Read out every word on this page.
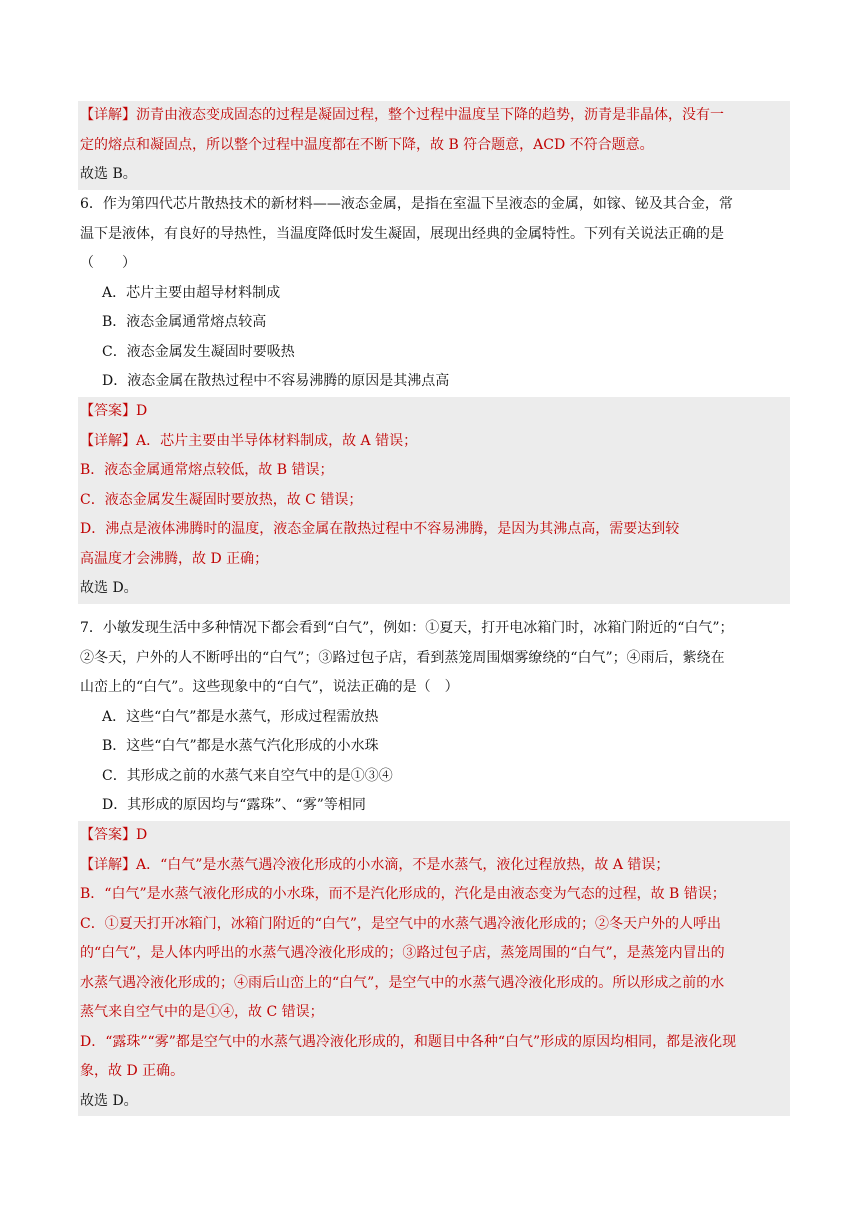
【详解】沥青由液态变成固态的过程是凝固过程，整个过程中温度呈下降的趋势，沥青是非晶体，没有一
定的熔点和凝固点，所以整个过程中温度都在不断下降，故 B 符合题意，ACD 不符合题意。
故选 B。
6．作为第四代芯片散热技术的新材料——液态金属，是指在室温下呈液态的金属，如镓、铋及其合金，常
温下是液体，有良好的导热性，当温度降低时发生凝固，展现出经典的金属特性。下列有关说法正确的是
（　　）
A．芯片主要由超导材料制成
B．液态金属通常熔点较高
C．液态金属发生凝固时要吸热
D．液态金属在散热过程中不容易沸腾的原因是其沸点高
【答案】D
【详解】A．芯片主要由半导体材料制成，故 A 错误；
B．液态金属通常熔点较低，故 B 错误；
C．液态金属发生凝固时要放热，故 C 错误；
D．沸点是液体沸腾时的温度，液态金属在散热过程中不容易沸腾，是因为其沸点高，需要达到较
高温度才会沸腾，故 D 正确；
故选 D。
7．小敏发现生活中多种情况下都会看到“白气”，例如：①夏天，打开电冰箱门时，冰箱门附近的“白气”；
②冬天，户外的人不断呼出的“白气”；③路过包子店，看到蒸笼周围烟雾缭绕的“白气”；④雨后，紫绕在
山峦上的“白气”。这些现象中的“白气”，说法正确的是（　）
A．这些“白气”都是水蒸气，形成过程需放热
B．这些“白气”都是水蒸气汽化形成的小水珠
C．其形成之前的水蒸气来自空气中的是①③④
D．其形成的原因均与“露珠”、“雾”等相同
【答案】D
【详解】A．“白气”是水蒸气遇冷液化形成的小水滴，不是水蒸气，液化过程放热，故 A 错误；
B．“白气”是水蒸气液化形成的小水珠，而不是汽化形成的，汽化是由液态变为气态的过程，故 B 错误；
C．①夏天打开冰箱门，冰箱门附近的“白气”，是空气中的水蒸气遇冷液化形成的；②冬天户外的人呼出
的“白气”，是人体内呼出的水蒸气遇冷液化形成的；③路过包子店，蒸笼周围的“白气”，是蒸笼内冒出的
水蒸气遇冷液化形成的；④雨后山峦上的“白气”，是空气中的水蒸气遇冷液化形成的。所以形成之前的水
蒸气来自空气中的是①④，故 C 错误；
D．“露珠”“雾”都是空气中的水蒸气遇冷液化形成的，和题目中各种“白气”形成的原因均相同，都是液化现
象，故 D 正确。
故选 D。
